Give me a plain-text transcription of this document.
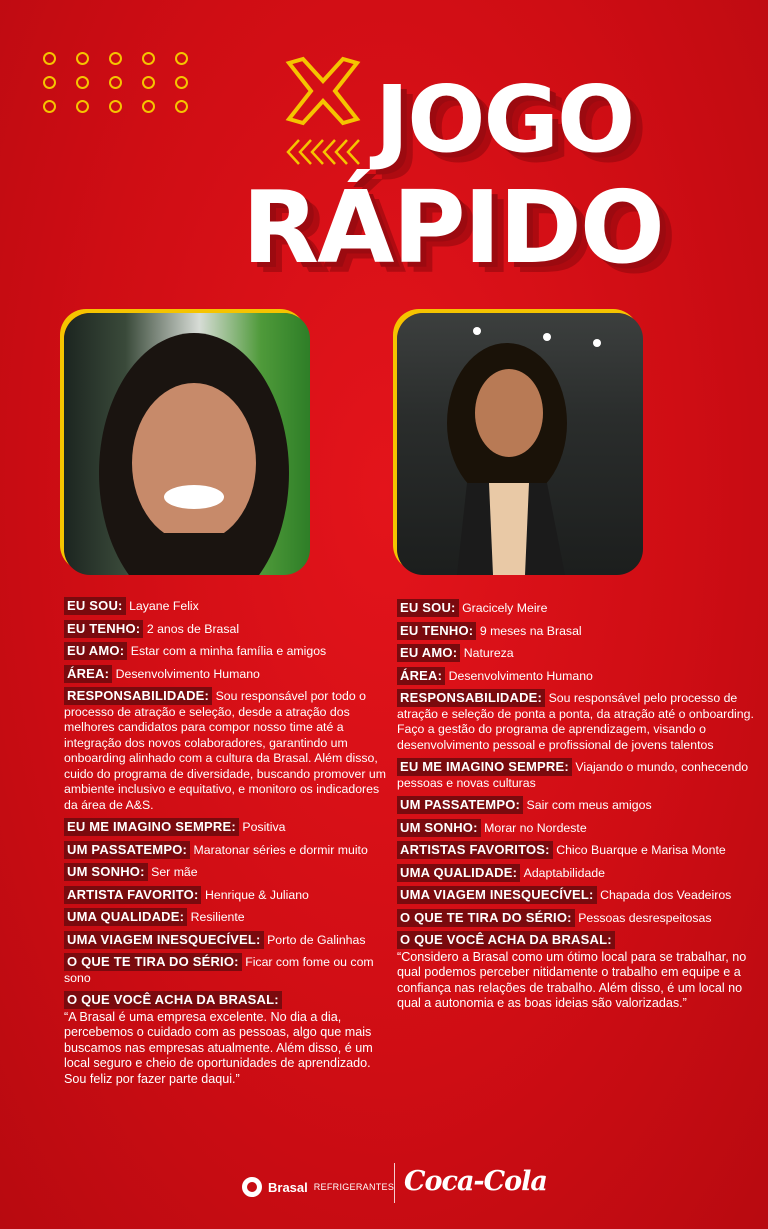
JOGO
RÁPIDO
EU SOU: Layane Felix
EU TENHO: 2 anos de Brasal
EU AMO: Estar com a minha família e amigos
ÁREA: Desenvolvimento Humano
RESPONSABILIDADE: Sou responsável por todo o processo de atração e seleção, desde a atração dos melhores candidatos para compor nosso time até a integração dos novos colaboradores, garantindo um onboarding alinhado com a cultura da Brasal. Além disso, cuido do programa de diversidade, buscando promover um ambiente inclusivo e equitativo, e monitoro os indicadores da área de A&S.
EU ME IMAGINO SEMPRE: Positiva
UM PASSATEMPO: Maratonar séries e dormir muito
UM SONHO: Ser mãe
ARTISTA FAVORITO: Henrique & Juliano
UMA QUALIDADE: Resiliente
UMA VIAGEM INESQUECÍVEL: Porto de Galinhas
O QUE TE TIRA DO SÉRIO: Ficar com fome ou com sono
O QUE VOCÊ ACHA DA BRASAL:
“A Brasal é uma empresa excelente. No dia a dia, percebemos o cuidado com as pessoas, algo que mais buscamos nas empresas atualmente. Além disso, é um local seguro e cheio de oportunidades de aprendizado. Sou feliz por fazer parte daqui.”
EU SOU: Gracicely Meire
EU TENHO: 9 meses na Brasal
EU AMO: Natureza
ÁREA: Desenvolvimento Humano
RESPONSABILIDADE: Sou responsável pelo processo de atração e seleção de ponta a ponta, da atração até o onboarding. Faço a gestão do programa de aprendizagem, visando o desenvolvimento pessoal e profissional de jovens talentos
EU ME IMAGINO SEMPRE: Viajando o mundo, conhecendo pessoas e novas culturas
UM PASSATEMPO: Sair com meus amigos
UM SONHO: Morar no Nordeste
ARTISTAS FAVORITOS: Chico Buarque e Marisa Monte
UMA QUALIDADE: Adaptabilidade
UMA VIAGEM INESQUECÍVEL: Chapada dos Veadeiros
O QUE TE TIRA DO SÉRIO: Pessoas desrespeitosas
O QUE VOCÊ ACHA DA BRASAL:
“Considero a Brasal como um ótimo local para se trabalhar, no qual podemos perceber nitidamente o trabalho em equipe e a confiança nas relações de trabalho. Além disso, é um local no qual a autonomia e as boas ideias são valorizadas.”
Brasal REFRIGERANTES Coca-Cola
